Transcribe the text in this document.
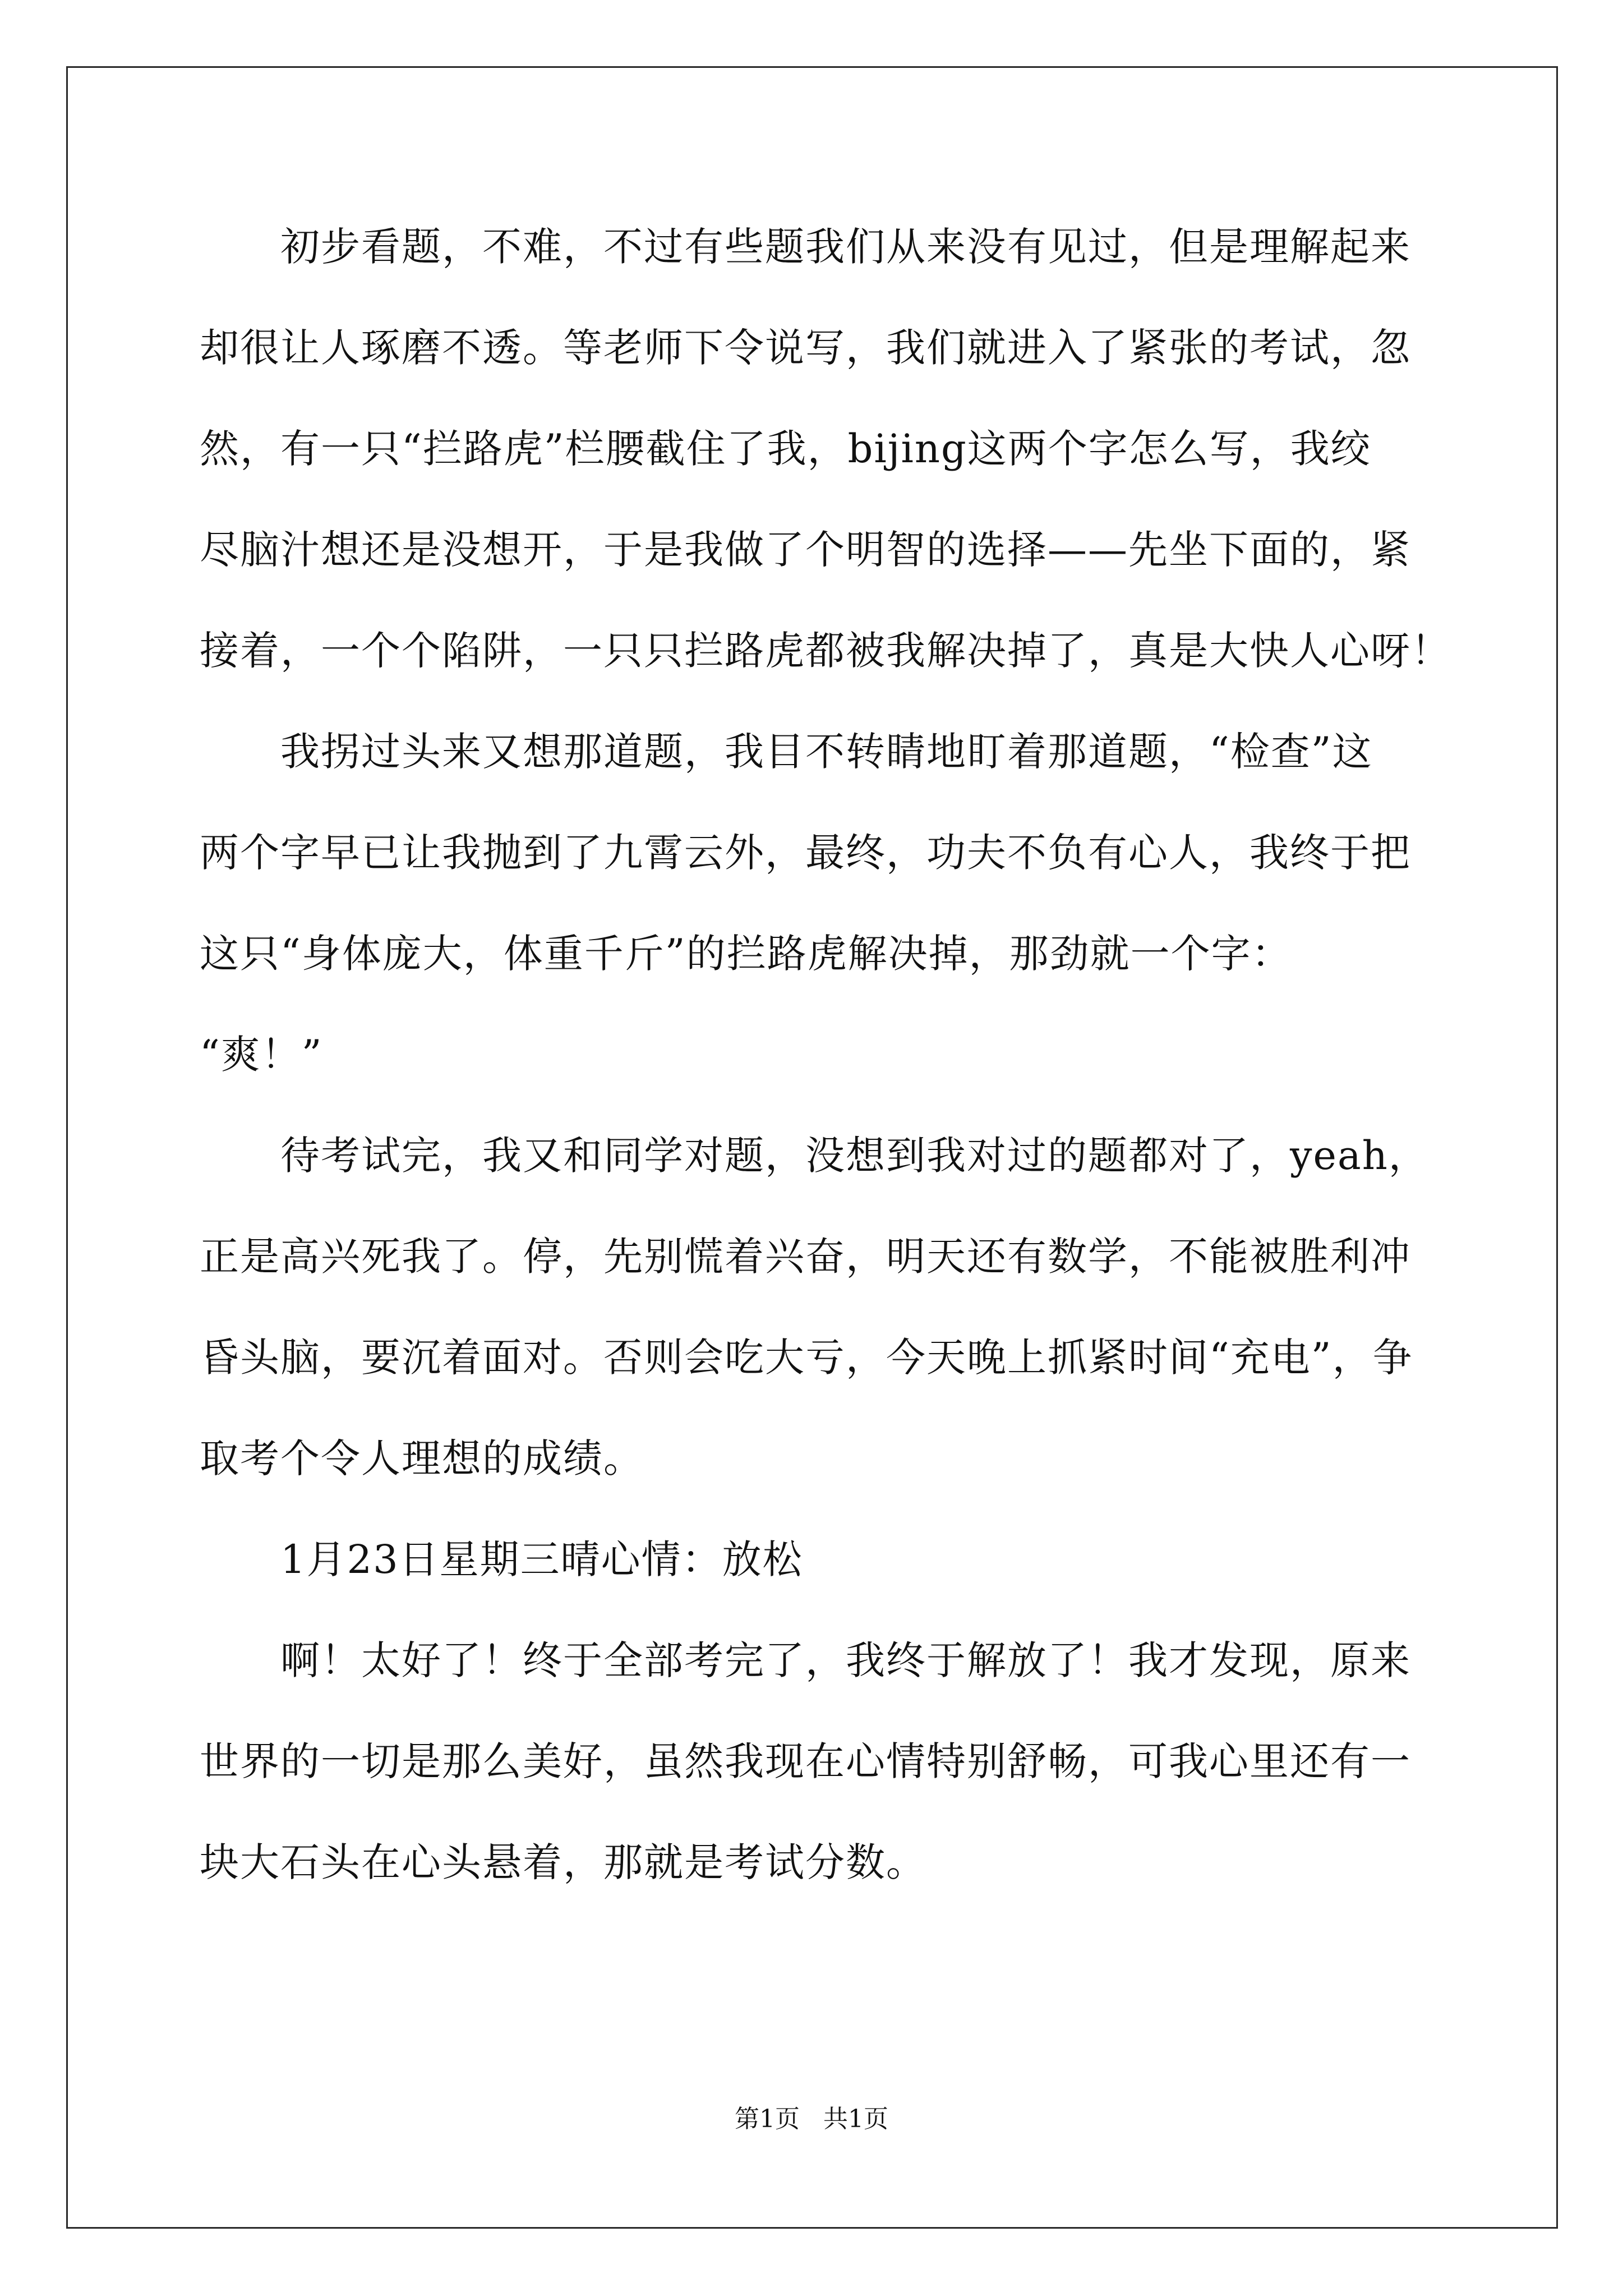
初步看题，不难，不过有些题我们从来没有见过，但是理解起来
却很让人琢磨不透。等老师下令说写，我们就进入了紧张的考试，忽
然，有一只“拦路虎”栏腰截住了我，bijing这两个字怎么写，我绞
尽脑汁想还是没想开，于是我做了个明智的选择——先坐下面的，紧
接着，一个个陷阱，一只只拦路虎都被我解决掉了，真是大快人心呀！
我拐过头来又想那道题，我目不转睛地盯着那道题，“检查”这
两个字早已让我抛到了九霄云外，最终，功夫不负有心人，我终于把
这只“身体庞大，体重千斤”的拦路虎解决掉，那劲就一个字：
“爽！”
待考试完，我又和同学对题，没想到我对过的题都对了，yeah，
正是高兴死我了。停，先别慌着兴奋，明天还有数学，不能被胜利冲
昏头脑，要沉着面对。否则会吃大亏，今天晚上抓紧时间“充电”，争
取考个令人理想的成绩。
1月23日星期三晴心情：放松
啊！太好了！终于全部考完了，我终于解放了！我才发现，原来
世界的一切是那么美好，虽然我现在心情特别舒畅，可我心里还有一
块大石头在心头悬着，那就是考试分数。
第1页   共1页
